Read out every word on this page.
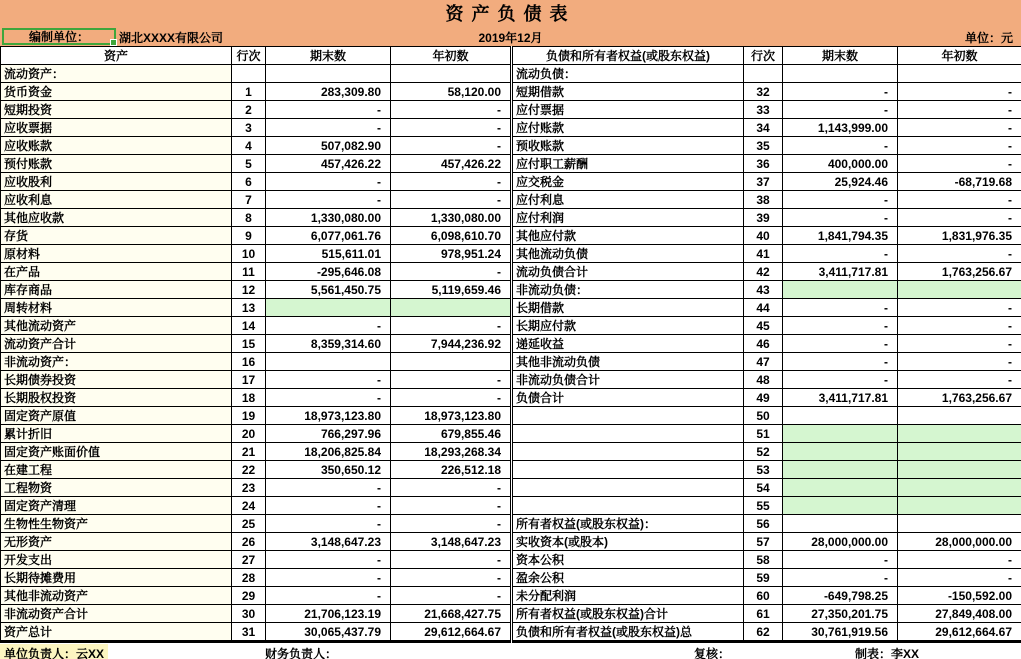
资产负债表
编制单位：	湖北XXXX有限公司	2019年12月	单位：元
资产	行次	期末数	年初数	负债和所有者权益(或股东权益)	行次	期末数	年初数
流动资产：				流动负债：			
货币资金	1	283,309.80	58,120.00	短期借款	32	-	-
短期投资	2	-	-	应付票据	33	-	-
应收票据	3	-	-	应付账款	34	1,143,999.00	-
应收账款	4	507,082.90	-	预收账款	35	-	-
预付账款	5	457,426.22	457,426.22	应付职工薪酬	36	400,000.00	-
应收股利	6	-	-	应交税金	37	25,924.46	-68,719.68
应收利息	7	-	-	应付利息	38	-	-
其他应收款	8	1,330,080.00	1,330,080.00	应付利润	39	-	-
存货	9	6,077,061.76	6,098,610.70	其他应付款	40	1,841,794.35	1,831,976.35
原材料	10	515,611.01	978,951.24	其他流动负债	41	-	-
在产品	11	-295,646.08	-	流动负债合计	42	3,411,717.81	1,763,256.67
库存商品	12	5,561,450.75	5,119,659.46	非流动负债：	43		
周转材料	13			长期借款	44	-	-
其他流动资产	14	-	-	长期应付款	45	-	-
流动资产合计	15	8,359,314.60	7,944,236.92	递延收益	46	-	-
非流动资产：	16			其他非流动负债	47	-	-
长期债券投资	17	-	-	非流动负债合计	48	-	-
长期股权投资	18	-	-	负债合计	49	3,411,717.81	1,763,256.67
固定资产原值	19	18,973,123.80	18,973,123.80		50		
累计折旧	20	766,297.96	679,855.46		51		
固定资产账面价值	21	18,206,825.84	18,293,268.34		52		
在建工程	22	350,650.12	226,512.18		53		
工程物资	23	-	-		54		
固定资产清理	24	-	-		55		
生物性生物资产	25	-	-	所有者权益(或股东权益)：	56		
无形资产	26	3,148,647.23	3,148,647.23	实收资本(或股本)	57	28,000,000.00	28,000,000.00
开发支出	27	-	-	资本公积	58	-	-
长期待摊费用	28	-	-	盈余公积	59	-	-
其他非流动资产	29	-	-	未分配利润	60	-649,798.25	-150,592.00
非流动资产合计	30	21,706,123.19	21,668,427.75	所有者权益(或股东权益)合计	61	27,350,201.75	27,849,408.00
资产总计	31	30,065,437.79	29,612,664.67	负债和所有者权益(或股东权益)总	62	30,761,919.56	29,612,664.67
单位负责人：云XX	财务负责人：	复核：	制表：李XX
